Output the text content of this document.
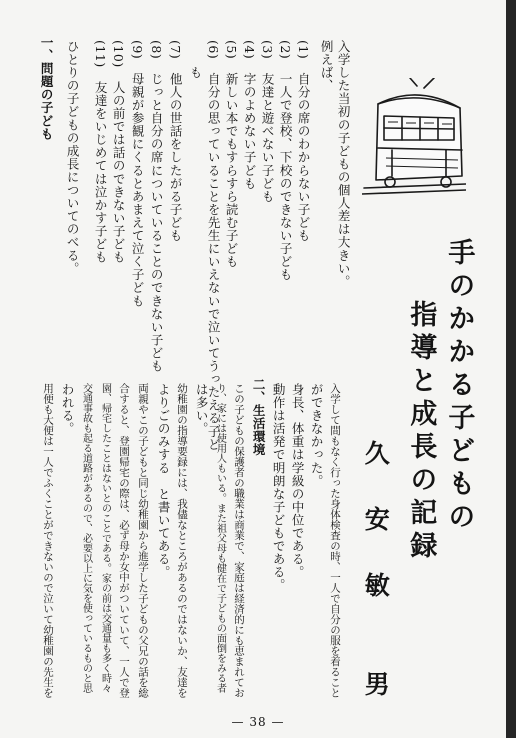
入学した当初の子どもの個人差は大きい。
例えば、
(1)　自分の席のわからない子ども
(2)　一人で登校、下校のできない子ども
(3)　友達と遊べない子ども
(4)　字のよめない子ども
(5)　新しい本でもすらすら読む子ども
(6)　自分の思っていることを先生にいえないで泣いてうったえる子ど
　　も
(7)　他人の世話をしたがる子ども
(8)　じっと自分の席についていることのできない子ども
(9)　母親が参観にくるとあまえて泣く子ども
(10)　人の前では話のできない子ども
(11)　友達をいじめては泣かす子ども
ひとりの子どもの成長についてのべる。
一、問題の子ども
手のかかる子どもの
指導と成長の記録
久　安　敏　　男
入学して間もなく行った身体検査の時、一人で自分の服を着ること
ができなかった。
身長、体重は学級の中位である。
動作は活発で明朗な子どもである。
二、生活環境
この子どもの保護者の職業は商業で、家庭は経済的にも恵まれてお
り、家には使用人もいる。また祖父母も健在で子どもの面倒をみる者
は多い。
幼稚園の指導要録には、我儘なところがあるのではないか、友達を
よりごのみする　と書いてある。
両親やこの子どもと同じ幼稚園から進学した子どもの父兄の話を総
合すると、登園帰宅の際は、必ず母か女中がついていて、一人で登
園、帰宅したことはないとのことである。家の前は交通量も多く時々
交通事故も起る道路があるので、必要以上に気を使っているものと思
われる。
用便も大便は一人でふくことができないので泣いて幼稚園の先生を
— 38 —
